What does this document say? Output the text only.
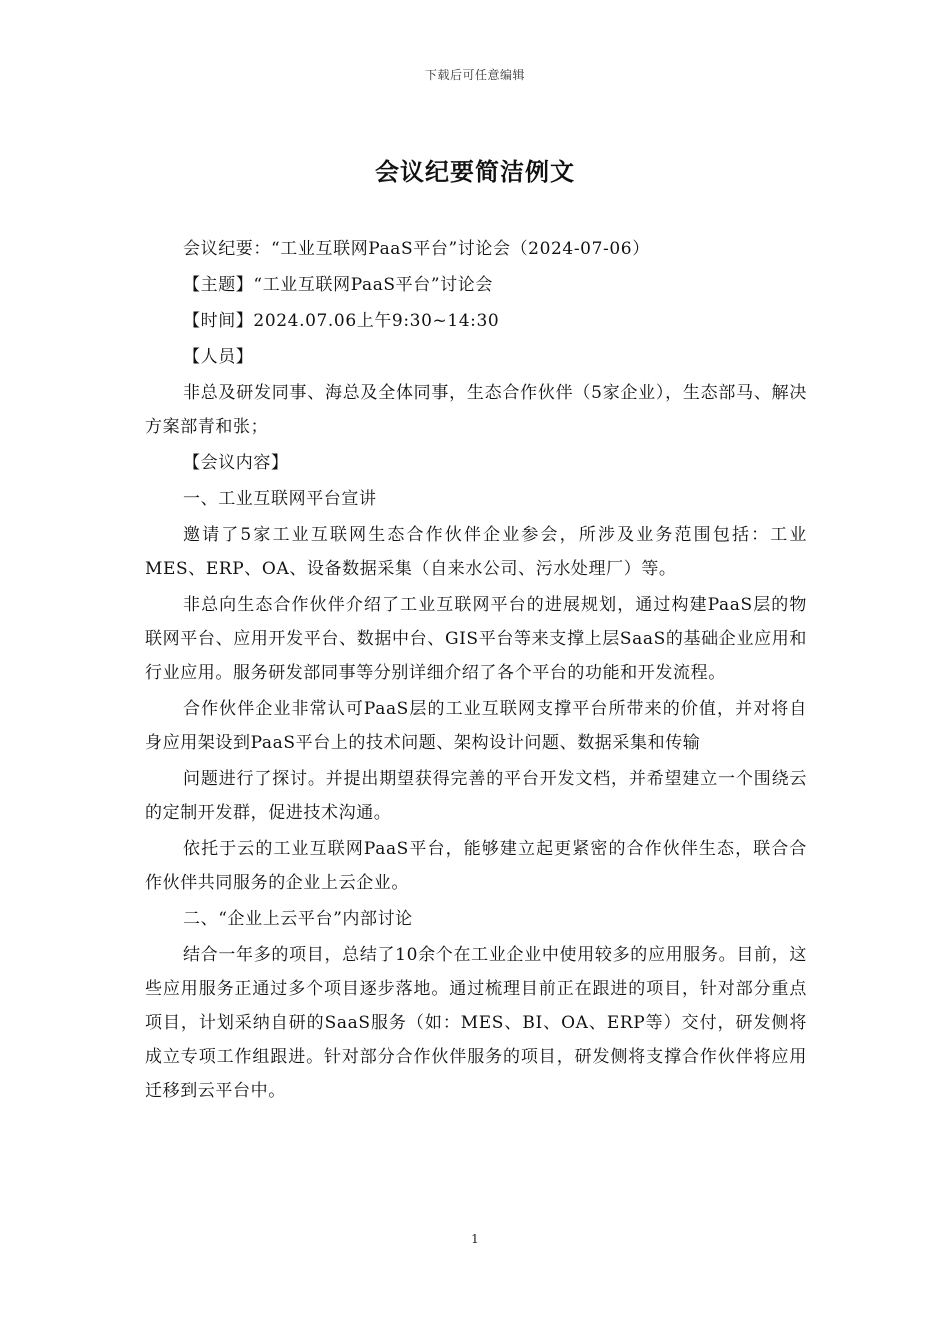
下载后可任意编辑
会议纪要简洁例文

会议纪要：“工业互联网PaaS平台”讨论会（2024-07-06）

【主题】“工业互联网PaaS平台”讨论会

【时间】2024.07.06上午9:30~14:30

【人员】

非总及研发同事、海总及全体同事，生态合作伙伴（5家企业），生态部马、解决方案部青和张；

【会议内容】

一、工业互联网平台宣讲

邀请了5家工业互联网生态合作伙伴企业参会，所涉及业务范围包括：工业MES、ERP、OA、设备数据采集（自来水公司、污水处理厂）等。

非总向生态合作伙伴介绍了工业互联网平台的进展规划，通过构建PaaS层的物联网平台、应用开发平台、数据中台、GIS平台等来支撑上层SaaS的基础企业应用和行业应用。服务研发部同事等分别详细介绍了各个平台的功能和开发流程。

合作伙伴企业非常认可PaaS层的工业互联网支撑平台所带来的价值，并对将自身应用架设到PaaS平台上的技术问题、架构设计问题、数据采集和传输

问题进行了探讨。并提出期望获得完善的平台开发文档，并希望建立一个围绕云的定制开发群，促进技术沟通。

依托于云的工业互联网PaaS平台，能够建立起更紧密的合作伙伴生态，联合合作伙伴共同服务的企业上云企业。

二、“企业上云平台”内部讨论

结合一年多的项目，总结了10余个在工业企业中使用较多的应用服务。目前，这些应用服务正通过多个项目逐步落地。通过梳理目前正在跟进的项目，针对部分重点项目，计划采纳自研的SaaS服务（如：MES、BI、OA、ERP等）交付，研发侧将成立专项工作组跟进。针对部分合作伙伴服务的项目，研发侧将支撑合作伙伴将应用迁移到云平台中。

1
